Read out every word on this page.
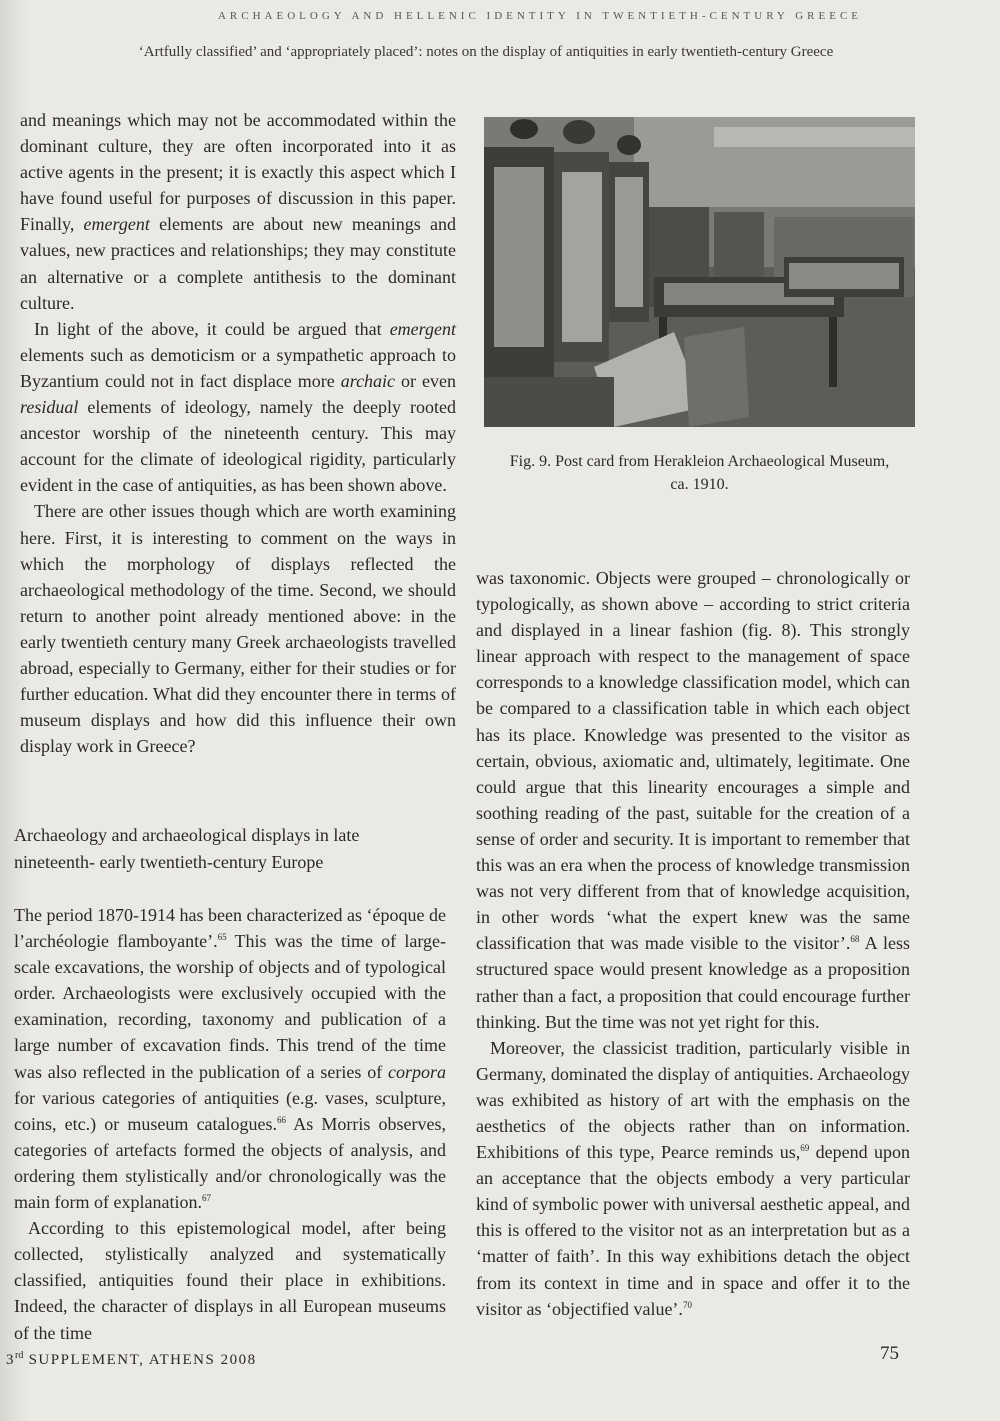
ARCHAEOLOGY AND HELLENIC IDENTITY IN TWENTIETH-CENTURY GREECE
‘Artfully classified’ and ‘appropriately placed’: notes on the display of antiquities in early twentieth-century Greece

and meanings which may not be accommodated within the dominant culture, they are often incorporated into it as active agents in the present; it is exactly this aspect which I have found useful for purposes of discussion in this paper. Finally, emergent elements are about new meanings and values, new practices and relationships; they may constitute an alternative or a complete antithesis to the dominant culture.

In light of the above, it could be argued that emergent elements such as demoticism or a sympathetic approach to Byzantium could not in fact displace more archaic or even residual elements of ideology, namely the deeply rooted ancestor worship of the nineteenth century. This may account for the climate of ideological rigidity, particularly evident in the case of antiquities, as has been shown above.

There are other issues though which are worth examining here. First, it is interesting to comment on the ways in which the morphology of displays reflected the archaeological methodology of the time. Second, we should return to another point already mentioned above: in the early twentieth century many Greek archaeologists travelled abroad, especially to Germany, either for their studies or for further education. What did they encounter there in terms of museum displays and how did this influence their own display work in Greece?

Archaeology and archaeological displays in late
nineteenth- early twentieth-century Europe

The period 1870-1914 has been characterized as ‘époque de l’archéologie flamboyante’.$^{65}$ This was the time of large-scale excavations, the worship of objects and of typological order. Archaeologists were exclusively occupied with the examination, recording, taxonomy and publication of a large number of excavation finds. This trend of the time was also reflected in the publication of a series of corpora for various categories of antiquities (e.g. vases, sculpture, coins, etc.) or museum catalogues.$^{66}$ As Morris observes, categories of artefacts formed the objects of analysis, and ordering them stylistically and/or chronologically was the main form of explanation.$^{67}$

According to this epistemological model, after being collected, stylistically analyzed and systematically classified, antiquities found their place in exhibitions. Indeed, the character of displays in all European museums of the time

Fig. 9. Post card from Herakleion Archaeological Museum,
ca. 1910.

was taxonomic. Objects were grouped – chronologically or typologically, as shown above – according to strict criteria and displayed in a linear fashion (fig. 8). This strongly linear approach with respect to the management of space corresponds to a knowledge classification model, which can be compared to a classification table in which each object has its place. Knowledge was presented to the visitor as certain, obvious, axiomatic and, ultimately, legitimate. One could argue that this linearity encourages a simple and soothing reading of the past, suitable for the creation of a sense of order and security. It is important to remember that this was an era when the process of knowledge transmission was not very different from that of knowledge acquisition, in other words ‘what the expert knew was the same classification that was made visible to the visitor’.$^{68}$ A less structured space would present knowledge as a proposition rather than a fact, a proposition that could encourage further thinking. But the time was not yet right for this.

Moreover, the classicist tradition, particularly visible in Germany, dominated the display of antiquities. Archaeology was exhibited as history of art with the emphasis on the aesthetics of the objects rather than on information. Exhibitions of this type, Pearce reminds us,$^{69}$ depend upon an acceptance that the objects embody a very particular kind of symbolic power with universal aesthetic appeal, and this is offered to the visitor not as an interpretation but as a ‘matter of faith’. In this way exhibitions detach the object from its context in time and in space and offer it to the visitor as ‘objectified value’.$^{70}$

3rd SUPPLEMENT, ATHENS 2008	75
